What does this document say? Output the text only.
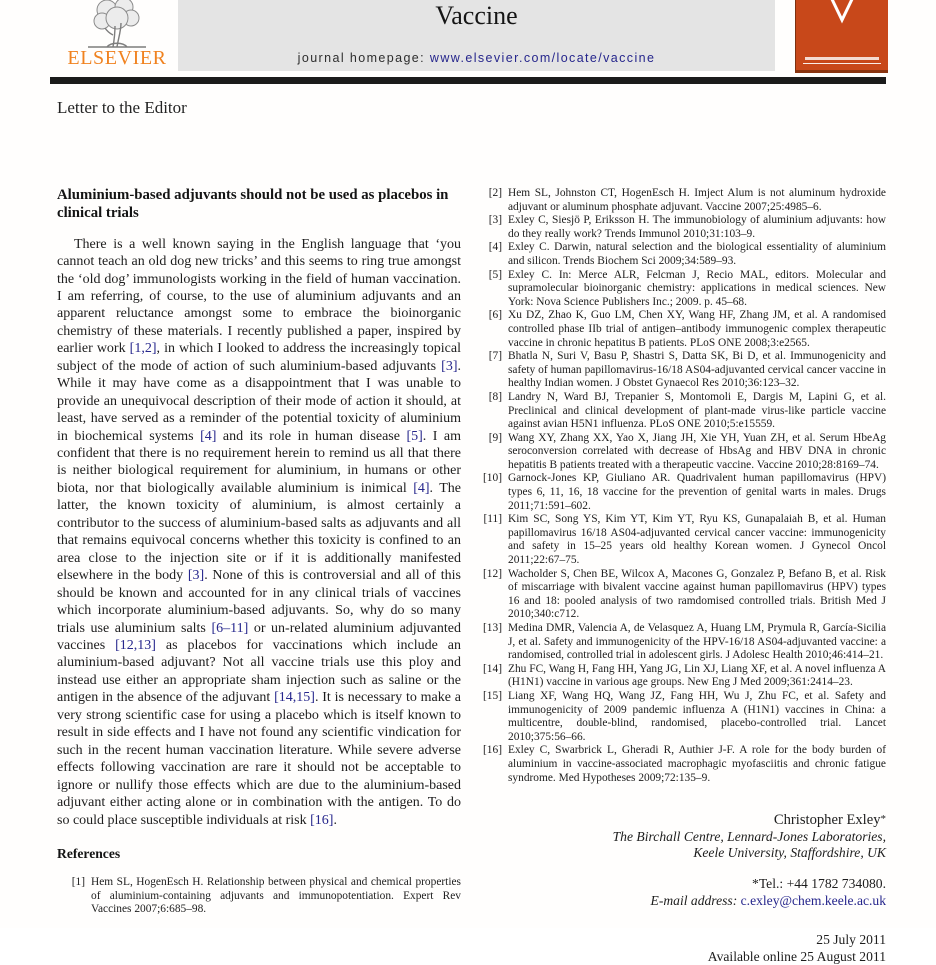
ELSEVIER
Vaccine
journal homepage: www.elsevier.com/locate/vaccine
Letter to the Editor
Aluminium-based adjuvants should not be used as placebos in clinical trials

There is a well known saying in the English language that ‘you cannot teach an old dog new tricks’ and this seems to ring true amongst the ‘old dog’ immunologists working in the field of human vaccination. I am referring, of course, to the use of aluminium adjuvants and an apparent reluctance amongst some to embrace the bioinorganic chemistry of these materials. I recently published a paper, inspired by earlier work [1,2], in which I looked to address the increasingly topical subject of the mode of action of such aluminium-based adjuvants [3]. While it may have come as a disappointment that I was unable to provide an unequivocal description of their mode of action it should, at least, have served as a reminder of the potential toxicity of aluminium in biochemical systems [4] and its role in human disease [5]. I am confident that there is no requirement herein to remind us all that there is neither biological requirement for aluminium, in humans or other biota, nor that biologically available aluminium is inimical [4]. The latter, the known toxicity of aluminium, is almost certainly a contributor to the success of aluminium-based salts as adjuvants and all that remains equivocal concerns whether this toxicity is confined to an area close to the injection site or if it is additionally manifested elsewhere in the body [3]. None of this is controversial and all of this should be known and accounted for in any clinical trials of vaccines which incorporate aluminium-based adjuvants. So, why do so many trials use aluminium salts [6–11] or un-related aluminium adjuvanted vaccines [12,13] as placebos for vaccinations which include an aluminium-based adjuvant? Not all vaccine trials use this ploy and instead use either an appropriate sham injection such as saline or the antigen in the absence of the adjuvant [14,15]. It is necessary to make a very strong scientific case for using a placebo which is itself known to result in side effects and I have not found any scientific vindication for such in the recent human vaccination literature. While severe adverse effects following vaccination are rare it should not be acceptable to ignore or nullify those effects which are due to the aluminium-based adjuvant either acting alone or in combination with the antigen. To do so could place susceptible individuals at risk [16].

References
[1] Hem SL, HogenEsch H. Relationship between physical and chemical properties of aluminium-containing adjuvants and immunopotentiation. Expert Rev Vaccines 2007;6:685–98.
[2] Hem SL, Johnston CT, HogenEsch H. Imject Alum is not aluminum hydroxide adjuvant or aluminum phosphate adjuvant. Vaccine 2007;25:4985–6.
[3] Exley C, Siesjö P, Eriksson H. The immunobiology of aluminium adjuvants: how do they really work? Trends Immunol 2010;31:103–9.
[4] Exley C. Darwin, natural selection and the biological essentiality of aluminium and silicon. Trends Biochem Sci 2009;34:589–93.
[5] Exley C. In: Merce ALR, Felcman J, Recio MAL, editors. Molecular and supramolecular bioinorganic chemistry: applications in medical sciences. New York: Nova Science Publishers Inc.; 2009. p. 45–68.
[6] Xu DZ, Zhao K, Guo LM, Chen XY, Wang HF, Zhang JM, et al. A randomised controlled phase IIb trial of antigen–antibody immunogenic complex therapeutic vaccine in chronic hepatitus B patients. PLoS ONE 2008;3:e2565.
[7] Bhatla N, Suri V, Basu P, Shastri S, Datta SK, Bi D, et al. Immunogenicity and safety of human papillomavirus-16/18 AS04-adjuvanted cervical cancer vaccine in healthy Indian women. J Obstet Gynaecol Res 2010;36:123–32.
[8] Landry N, Ward BJ, Trepanier S, Montomoli E, Dargis M, Lapini G, et al. Preclinical and clinical development of plant-made virus-like particle vaccine against avian H5N1 influenza. PLoS ONE 2010;5:e15559.
[9] Wang XY, Zhang XX, Yao X, Jiang JH, Xie YH, Yuan ZH, et al. Serum HbeAg seroconversion correlated with decrease of HbsAg and HBV DNA in chronic hepatitis B patients treated with a therapeutic vaccine. Vaccine 2010;28:8169–74.
[10] Garnock-Jones KP, Giuliano AR. Quadrivalent human papillomavirus (HPV) types 6, 11, 16, 18 vaccine for the prevention of genital warts in males. Drugs 2011;71:591–602.
[11] Kim SC, Song YS, Kim YT, Kim YT, Ryu KS, Gunapalaiah B, et al. Human papillomavirus 16/18 AS04-adjuvanted cervical cancer vaccine: immunogenicity and safety in 15–25 years old healthy Korean women. J Gynecol Oncol 2011;22:67–75.
[12] Wacholder S, Chen BE, Wilcox A, Macones G, Gonzalez P, Befano B, et al. Risk of miscarriage with bivalent vaccine against human papillomavirus (HPV) types 16 and 18: pooled analysis of two ramdomised controlled trials. British Med J 2010;340:c712.
[13] Medina DMR, Valencia A, de Velasquez A, Huang LM, Prymula R, García-Sicilia J, et al. Safety and immunogenicity of the HPV-16/18 AS04-adjuvanted vaccine: a randomised, controlled trial in adolescent girls. J Adolesc Health 2010;46:414–21.
[14] Zhu FC, Wang H, Fang HH, Yang JG, Lin XJ, Liang XF, et al. A novel influenza A (H1N1) vaccine in various age groups. New Eng J Med 2009;361:2414–23.
[15] Liang XF, Wang HQ, Wang JZ, Fang HH, Wu J, Zhu FC, et al. Safety and immunogenicity of 2009 pandemic influenza A (H1N1) vaccines in China: a multicentre, double-blind, randomised, placebo-controlled trial. Lancet 2010;375:56–66.
[16] Exley C, Swarbrick L, Gheradi R, Authier J-F. A role for the body burden of aluminium in vaccine-associated macrophagic myofasciitis and chronic fatigue syndrome. Med Hypotheses 2009;72:135–9.
Christopher Exley*
The Birchall Centre, Lennard-Jones Laboratories,
Keele University, Staffordshire, UK
*Tel.: +44 1782 734080.
E-mail address: c.exley@chem.keele.ac.uk
25 July 2011
Available online 25 August 2011
